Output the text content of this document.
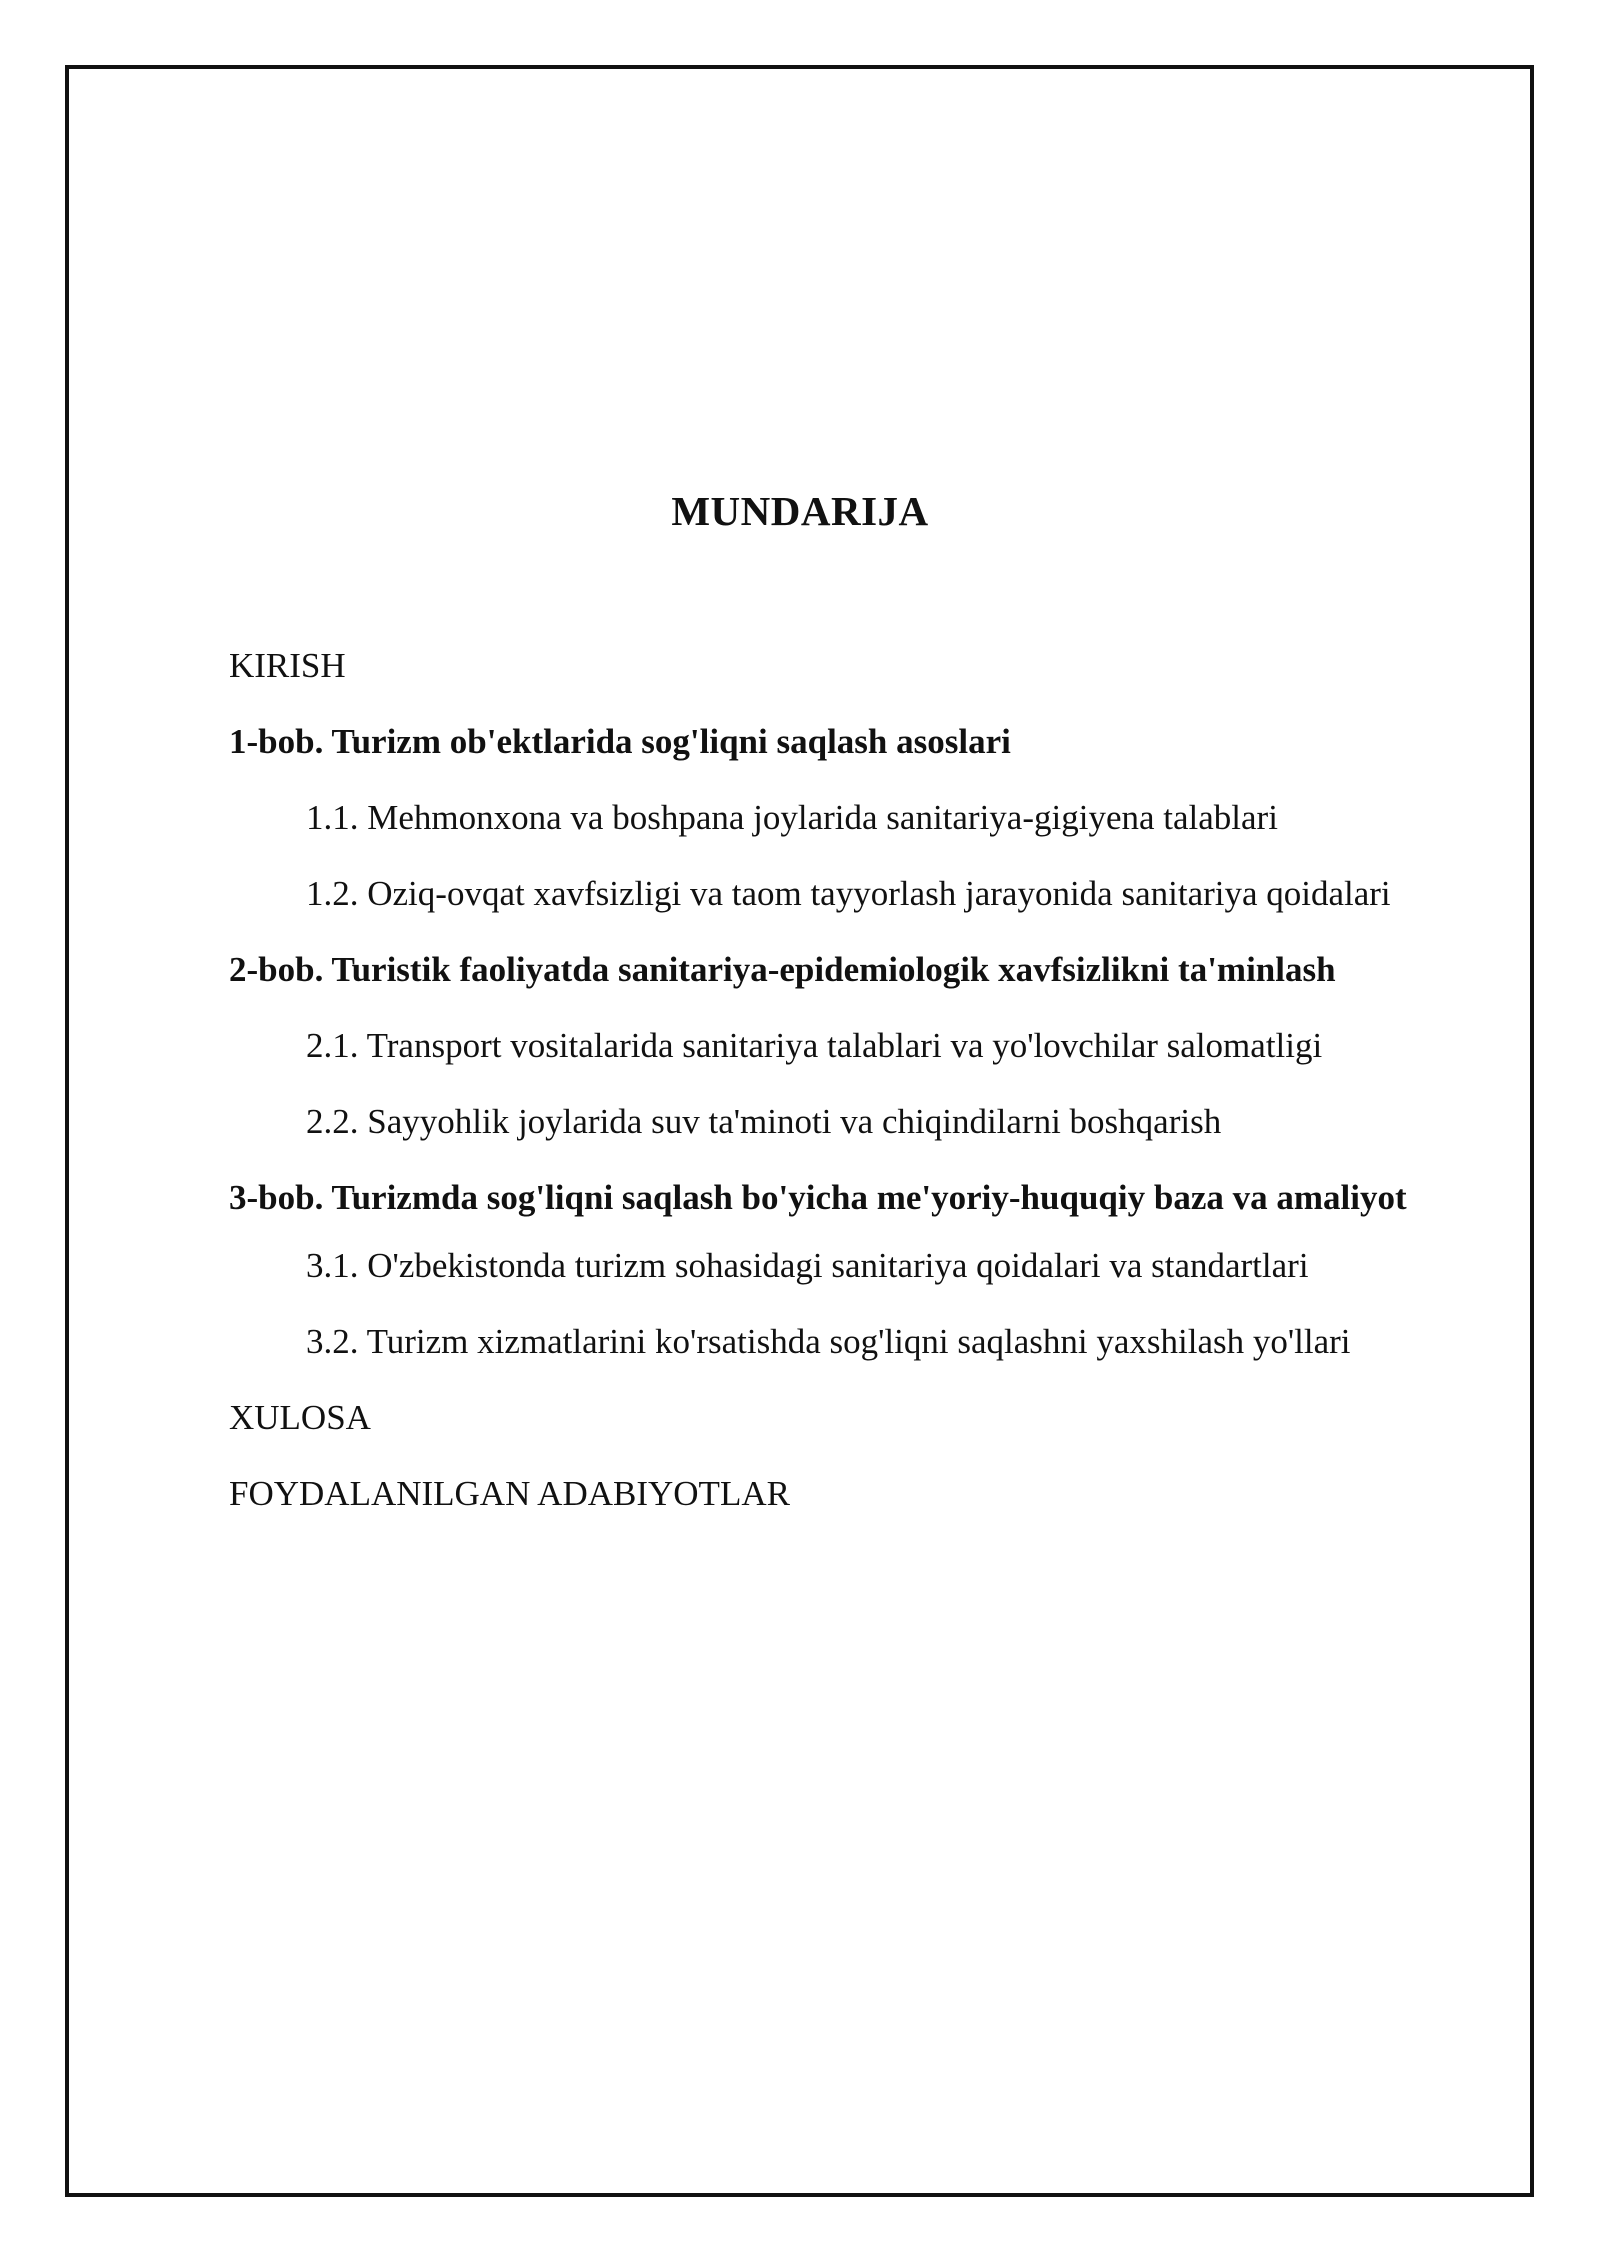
MUNDARIJA
KIRISH
1-bob. Turizm ob'ektlarida sog'liqni saqlash asoslari
1.1. Mehmonxona va boshpana joylarida sanitariya-gigiyena talablari
1.2. Oziq-ovqat xavfsizligi va taom tayyorlash jarayonida sanitariya qoidalari
2-bob. Turistik faoliyatda sanitariya-epidemiologik xavfsizlikni ta'minlash
2.1. Transport vositalarida sanitariya talablari va yo'lovchilar salomatligi
2.2. Sayyohlik joylarida suv ta'minoti va chiqindilarni boshqarish
3-bob. Turizmda sog'liqni saqlash bo'yicha me'yoriy-huquqiy baza va amaliyot
3.1. O'zbekistonda turizm sohasidagi sanitariya qoidalari va standartlari
3.2. Turizm xizmatlarini ko'rsatishda sog'liqni saqlashni yaxshilash yo'llari
XULOSA
FOYDALANILGAN ADABIYOTLAR
